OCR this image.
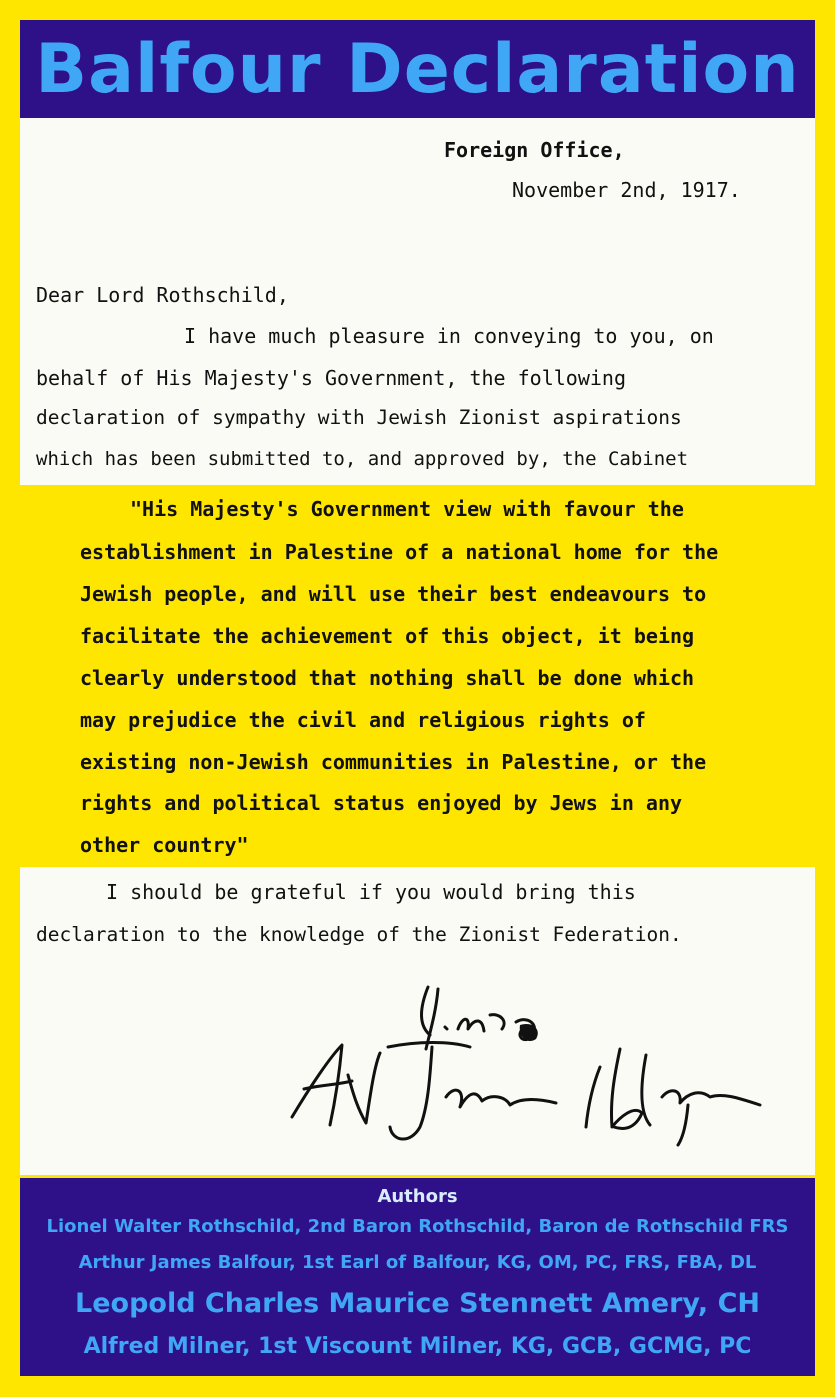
Balfour Declaration

Foreign Office,

November 2nd, 1917.

Dear Lord Rothschild,

I have much pleasure in conveying to you, on

behalf of His Majesty's Government, the following

declaration of sympathy with Jewish Zionist aspirations

which has been submitted to, and approved by, the Cabinet

"His Majesty's Government view with favour the
establishment in Palestine of a national home for the
Jewish people, and will use their best endeavours to
facilitate the achievement of this object, it being
clearly understood that nothing shall be done which
may prejudice the civil and religious rights of
existing non-Jewish communities in Palestine, or the
rights and political status enjoyed by Jews in any
other country"

I should be grateful if you would bring this

declaration to the knowledge of the Zionist Federation.

Authors
Lionel Walter Rothschild, 2nd Baron Rothschild, Baron de Rothschild FRS
Arthur James Balfour, 1st Earl of Balfour, KG, OM, PC, FRS, FBA, DL
Leopold Charles Maurice Stennett Amery, CH
Alfred Milner, 1st Viscount Milner, KG, GCB, GCMG, PC
